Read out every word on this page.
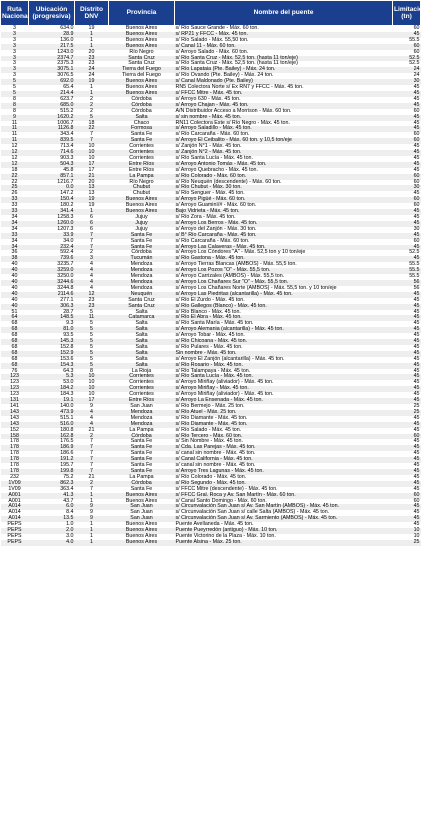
Ruta Nacional	Ubicación (progresiva)	Distrito DNV	Provincia	Nombre del puente	Limitación (tn)
3	634.0	19	Buenos Aires	s/ Río Sauce Grande - Máx. 60 ton.	60
3	28.9	1	Buenos Aires	s/ RP21 y FFCC - Máx. 45 ton.	45
3	136.0	1	Buenos Aires	s/ Río Salado - Máx. 55,50 ton.	55.5
3	217.5	1	Buenos Aires	s/ Canal 11 - Máx. 60 ton.	60
3	1243.0	20	Río Negro	s/ Arroyo Salado - Máx. 60 ton.	60
3	2374.7	23	Santa Cruz	s/ Río Santa Cruz - Máx. 52,5 ton. (hasta 11 ton/eje)	52.5
3	2375.3	23	Santa Cruz	s/ Río Santa Cruz - Máx. 52,5 ton. (hasta 11 ton/eje)	52.5
3	3075.1	24	Tierra del Fuego	s/ Río Lapataia (Pte. Bailey) - Máx. 24 ton.	24
3	3076.5	24	Tierra del Fuego	s/ Río Ovando (Pte. Bailey) - Máx. 24 ton.	24
5	692.0	19	Buenos Aires	s/ Canal Maldonado (Pte. Bailey)	30
5	65.4	1	Buenos Aires	RN5 Colectora Norte s/ Ex RN7 y FFCC - Máx. 45 ton.	45
5	214.4	1	Buenos Aires	s/ FFCC Mitre - Máx. 45 ton.	45
8	623.7	2	Córdoba	s/ Arroyo 630 - Máx. 45 ton.	45
8	685.0	2	Córdoba	s/ Arroyo Chajan - Máx. 45 ton.	45
8	515.2	2	Córdoba	A/N Distribuidor Acceso a Morrison - Máx. 60 ton.	60
9	1620.2	5	Salta	s/ sin nombre - Máx. 45 ton.	45
11	1006.7	18	Chaco	RN11 Colectora Este s/ Río Negro - Máx. 45 ton.	45
11	1126.8	22	Formosa	s/ Arroyo Saladillo - Máx. 45 ton.	45
11	343.4	7	Santa Fe	s/ Río Carcaraña - Máx. 60 ton.	60
11	839.5	7	Santa Fe	s/ Arroyo El Ceibalito - Máx. 60 ton. y 10,5 ton/eje	60
12	713.4	10	Corrientes	s/ Zanjón N°1 - Máx. 45 ton.	45
12	714.6	10	Corrientes	s/ Zanjón N°2 - Máx. 45 ton.	45
12	903.3	10	Corrientes	s/ Río Santa Lucía - Máx. 45 ton.	45
12	504.3	17	Entre Ríos	s/ Arroyo Antonio Tomás - Máx. 45 ton.	45
18	45.8	17	Entre Ríos	s/ Arroyo Quebracho - Máx. 45 ton.	45
22	857.1	21	La Pampa	s/ Río Colorado - Máx. 60 ton.	60
22	1216.7	20	Río Negro	s/ Río Neuquén (descendente) - Máx. 60 ton.	60
25	0.0	13	Chubut	s/ Río Chubut - Máx. 30 ton.	30
26	147.2	13	Chubut	s/ Río Senguer - Máx. 45 ton.	45
33	150.4	19	Buenos Aires	s/ Arroyo Pigüé - Máx. 60 ton.	60
33	180.2	19	Buenos Aires	s/ Arroyo Guaminí/# - Máx. 60 ton.	60
33	341.4	1	Buenos Aires	Bajo Vidrieta - Máx. 45 ton.	45
34	1258.3	6	Jujuy	s/ Río Zora - Máx. 45 ton.	45
34	1260.0	6	Jujuy	s/ Arroyo Los Berros - Máx. 45 ton.	45
34	1207.3	6	Jujuy	s/ Arroyo del Zanjón - Máx. 30 ton.	30
33	33.9	7	Santa Fe	s/ B° Río Carcaraña - Máx. 45 ton.	45
34	34.0	7	Santa Fe	s/ Río Carcaraña - Máx. 60 ton.	60
34	232.4	7	Santa Fe	s/ Arroyo Las Calaveras - Máx. 45 ton.	45
36	592.4	2	Córdoba	s/ Arroyo Los Cóndores "A" - Máx. 52,5 ton y 10 ton/eje	52.5
38	739.6	3	Tucumán	s/ Río Gastona - Máx. 45 ton.	45
40	3235.7	4	Mendoza	s/ Arroyo Tierras Blancas (AMBOS) - Máx. 55,5 ton.	55.5
40	3259.0	4	Mendoza	s/ Arroyo Los Pozos "O" - Máx. 55,5 ton.	55.5
40	3250.0	4	Mendoza	s/ Arroyo Carrizales (AMBOS) - Máx. 55,5 ton.	55.5
40	3244.6	4	Mendoza	s/ Arroyo Los Chañares Sur "O" - Máx. 55,5 ton.	56
40	3244.8	4	Mendoza	s/ Arroyo Los Chañares Norte (AMBOS) - Máx. 55,5 ton. y 10 ton/eje	56
40	2114.6	12	Neuquén	s/ Arroyo Las Piedritas (alcantarilla) - Máx. 45 ton.	45
40	277.1	23	Santa Cruz	s/ Río El Zurdo - Máx. 45 ton.	45
40	306.3	23	Santa Cruz	s/ Río Gallegos (Blanco) - Máx. 45 ton.	45
51	28.7	5	Salta	s/ Río Blanco - Máx. 45 ton.	45
64	148.5	11	Catamarca	s/ Río El Abra - Máx. 45 ton.	45
68	9.3	5	Salta	s/ Río Santa María - Máx. 45 ton.	45
68	81.0	5	Salta	s/ Arroyo Alemania (alcantarilla) - Máx. 45 ton.	45
68	93.5	5	Salta	s/ Arroyo Tobar - Máx. 45 ton.	45
68	145.3	5	Salta	s/ Río Chicoana - Máx. 45 ton.	45
68	152.8	5	Salta	s/ Río Pulares - Máx. 45 ton.	45
68	152.9	5	Salta	Sin nombre - Máx. 45 ton.	45
68	153.6	5	Salta	s/ Arroyo El Zanjón (alcantarilla) - Máx. 45 ton.	45
68	154.3	5	Salta	s/ Río Rosario - Máx. 45 ton.	45
76	64.3	8	La Rioja	s/ Río Talampaya - Máx. 45 ton.	45
123	5.3	10	Corrientes	s/ Río Santa Lucía - Máx. 45 ton.	45
123	53.0	10	Corrientes	s/ Arroyo Miriñay (aliviador) - Máx. 45 ton.	45
123	184.2	10	Corrientes	s/ Arroyo Miriñay - Máx. 45 ton.	45
123	184.3	10	Corrientes	s/ Arroyo Miriñay (aliviador) - Máx. 45 ton.	45
131	19.1	17	Entre Ríos	s/ Arroyo La Ensenada - Máx. 45 ton.	45
141	140.0	9	San Juan	s/ Río Bermejo - Máx. 25 ton.	25
143	473.9	4	Mendoza	s/ Río Atuel - Máx. 25 ton.	25
143	515.1	4	Mendoza	s/ Río Diamante - Máx. 45 ton.	45
143	516.0	4	Mendoza	s/ Río Diamante - Máx. 45 ton.	45
152	180.8	21	La Pampa	s/ Río Salado - Máx. 45 ton.	45
158	162.8	2	Córdoba	s/ Río Tercero - Máx. 60 ton.	60
178	176.5	7	Santa Fe	s/ Sin Nombre - Máx. 45 ton.	45
178	186.9	7	Santa Fe	s/ Cda. Las Parejas - Máx. 45 ton.	45
178	186.6	7	Santa Fe	s/ canal sin nombre - Máx. 45 ton.	45
178	191.2	7	Santa Fe	s/ Canal California - Máx. 45 ton.	45
178	195.7	7	Santa Fe	s/ canal sin nombre - Máx. 45 ton.	45
178	199.8	7	Santa Fe	s/ Arroyo Tres Lagunas - Máx. 45 ton.	45
232	75.2	21	La Pampa	s/ Río Colorado - Máx. 45 ton.	45
1V09	862.3	2	Córdoba	s/ Río Segundo - Máx. 45 ton.	45
1V09	363.4	7	Santa Fe	s/ FFCC Mitre (descendente) - Máx. 45 ton.	45
A001	41.3	1	Buenos Aires	s/ FFCC Gral. Roca y Av. San Martín - Máx. 60 ton.	60
A001	43.7	1	Buenos Aires	s/ Canal Santo Domingo - Máx. 60 ton.	60
A014	6.0	9	San Juan	s/ Circunvalación San Juan s/ Av. San Martín (AMBOS) - Máx. 45 ton.	45
A014	8.4	9	San Juan	s/ Circunvalación San Juan s/ calle Salta (AMBOS) - Máx. 45 ton.	45
A014	13.5	9	San Juan	s/ Circunvalación San Juan s/ Av. Sarmiento (AMBOS) - Máx. 45 ton.	45
PEPS	1.0	1	Buenos Aires	Puente Avellaneda - Máx. 45 ton.	45
PEPS	2.0	1	Buenos Aires	Puente Pueyrredón (antiguo) - Máx. 10 ton.	10
PEPS	3.0	1	Buenos Aires	Puente Victorino de la Plaza - Máx. 10 ton.	10
PEPS	4.0	1	Buenos Aires	Puente Alsina - Máx. 25 ton.	25
